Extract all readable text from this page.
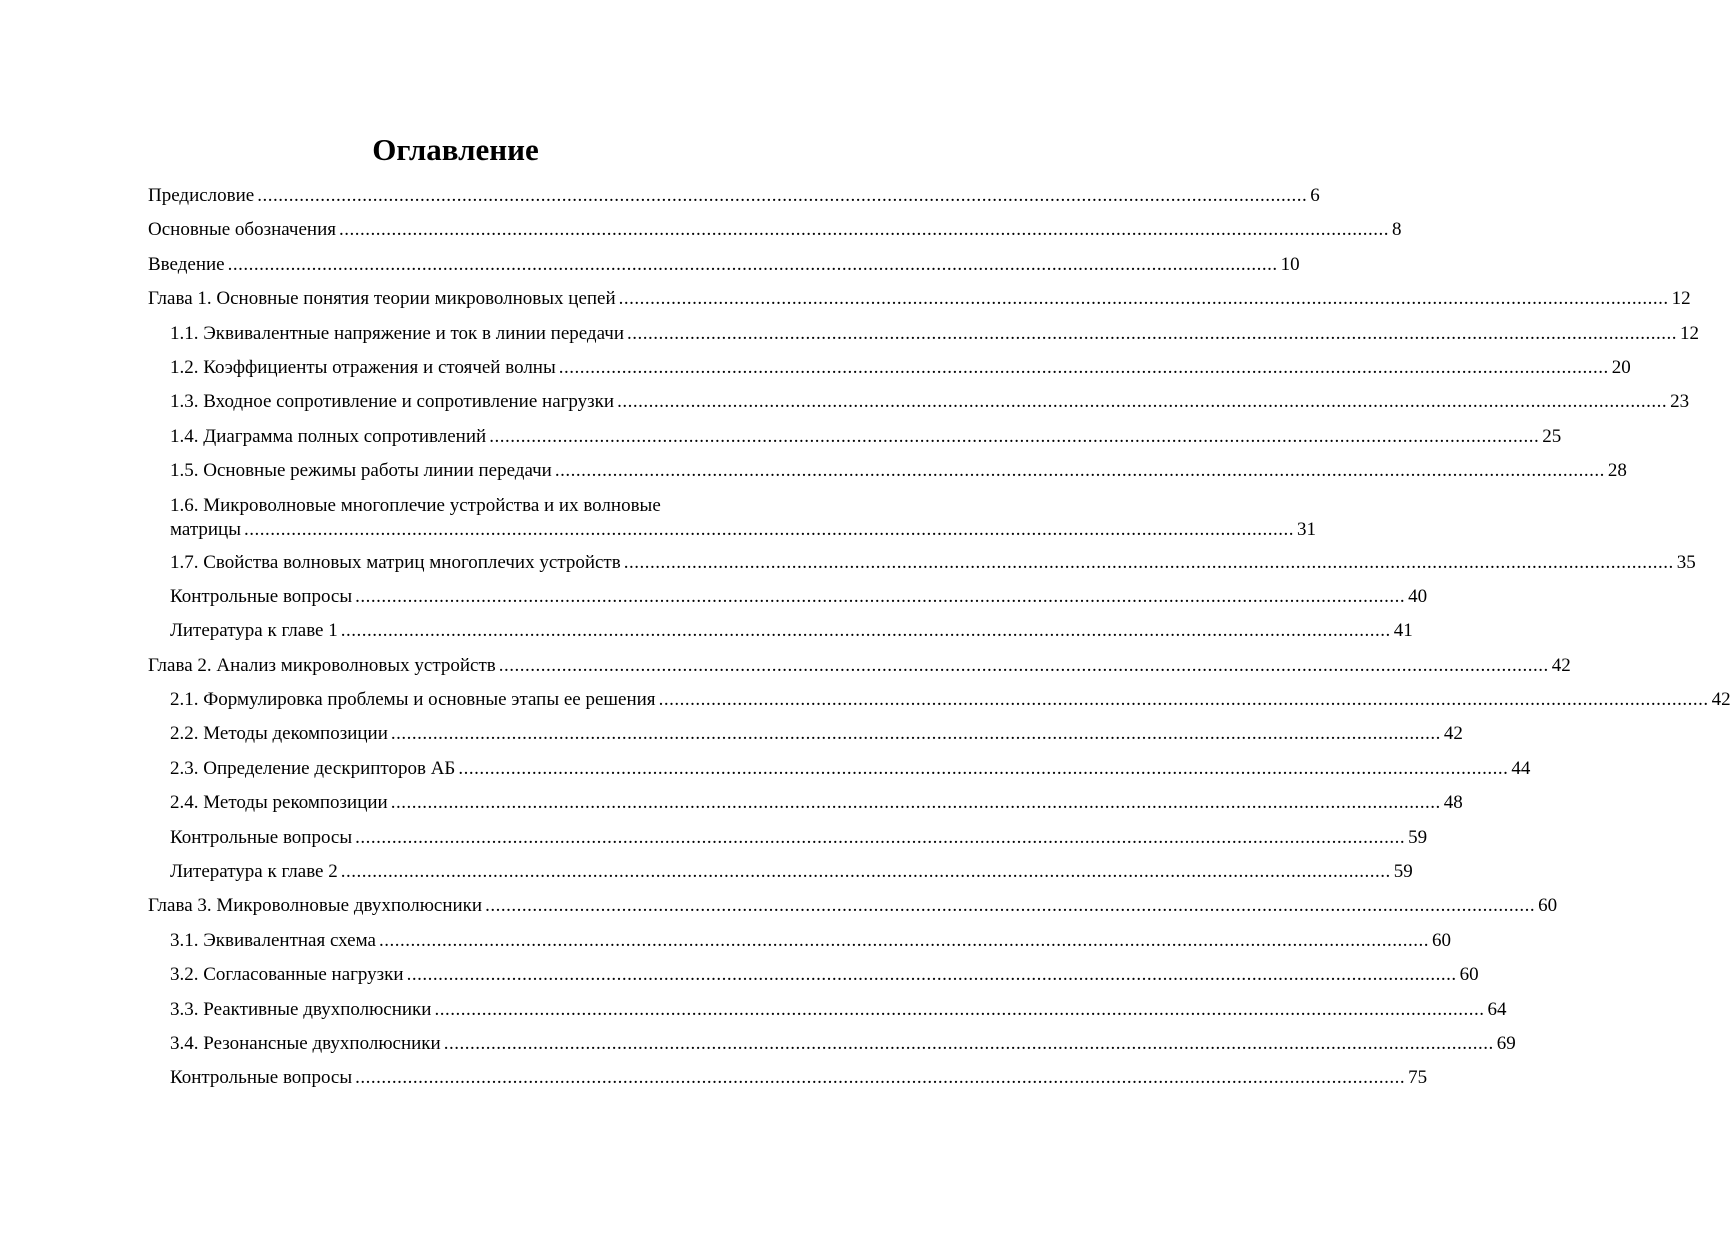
Оглавление
Предисловие ........................................................................................................................................................................................................ 6
Основные обозначения ........................................................................................................................................................................................................ 8
Введение ........................................................................................................................................................................................................ 10
Глава 1. Основные понятия теории микроволновых цепей ........................................................................................................................................................................................................ 12
1.1. Эквивалентные напряжение и ток в линии передачи ........................................................................................................................................................................................................ 12
1.2. Коэффициенты отражения и стоячей волны ........................................................................................................................................................................................................ 20
1.3. Входное сопротивление и сопротивление нагрузки ........................................................................................................................................................................................................ 23
1.4. Диаграмма полных сопротивлений ........................................................................................................................................................................................................ 25
1.5. Основные режимы работы линии передачи ........................................................................................................................................................................................................ 28
1.6. Микроволновые многоплечие устройства и их волновые
матрицы ........................................................................................................................................................................................................ 31
1.7. Свойства волновых матриц многоплечих устройств ........................................................................................................................................................................................................ 35
Контрольные вопросы ........................................................................................................................................................................................................ 40
Литература к главе 1 ........................................................................................................................................................................................................ 41
Глава 2. Анализ микроволновых устройств ........................................................................................................................................................................................................ 42
2.1. Формулировка проблемы и основные этапы ее решения ........................................................................................................................................................................................................ 42
2.2. Методы декомпозиции ........................................................................................................................................................................................................ 42
2.3. Определение дескрипторов АБ ........................................................................................................................................................................................................ 44
2.4. Методы рекомпозиции ........................................................................................................................................................................................................ 48
Контрольные вопросы ........................................................................................................................................................................................................ 59
Литература к главе 2 ........................................................................................................................................................................................................ 59
Глава 3. Микроволновые двухполюсники ........................................................................................................................................................................................................ 60
3.1. Эквивалентная схема ........................................................................................................................................................................................................ 60
3.2. Согласованные нагрузки ........................................................................................................................................................................................................ 60
3.3. Реактивные двухполюсники ........................................................................................................................................................................................................ 64
3.4. Резонансные двухполюсники ........................................................................................................................................................................................................ 69
Контрольные вопросы ........................................................................................................................................................................................................ 75
